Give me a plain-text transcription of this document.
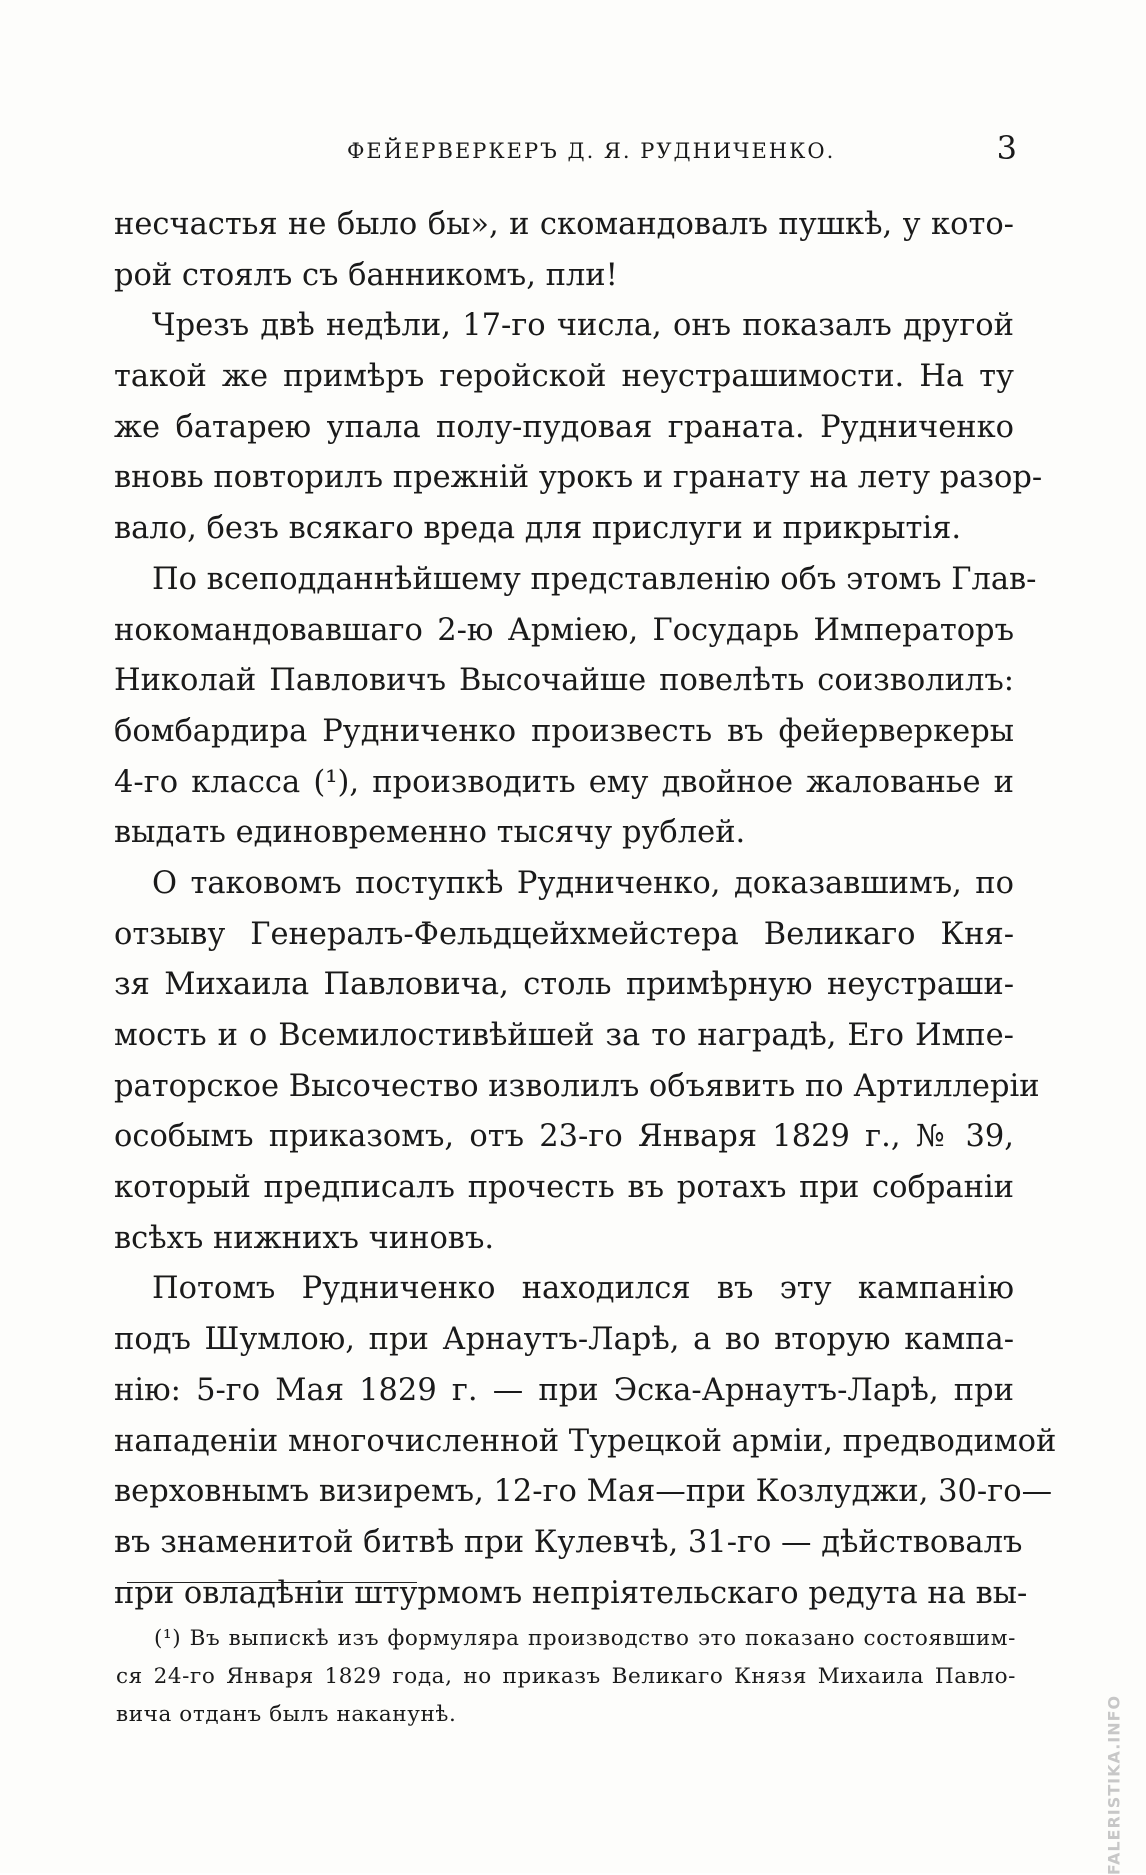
ФЕЙЕРВЕРКЕРЪ Д. Я. РУДНИЧЕНКО.	3
несчастья не было бы», и скомандовалъ пушкѣ, у кото-
рой стоялъ съ банникомъ, пли!
Чрезъ двѣ недѣли, 17-го числа, онъ показалъ другой
такой же примѣръ геройской неустрашимости. На ту
же батарею упала полу-пудовая граната. Рудниченко
вновь повторилъ прежній урокъ и гранату на лету разор-
вало, безъ всякаго вреда для прислуги и прикрытія.
По всеподданнѣйшему представленію объ этомъ Глав-
нокомандовавшаго 2-ю Арміею, Государь Императоръ
Николай Павловичъ Высочайше повелѣть соизволилъ:
бомбардира Рудниченко произвесть въ фейерверкеры
4-го класса (¹), производить ему двойное жалованье и
выдать единовременно тысячу рублей.
О таковомъ поступкѣ Рудниченко, доказавшимъ, по
отзыву Генералъ-Фельдцейхмейстера Великаго Кня-
зя Михаила Павловича, столь примѣрную неустраши-
мость и о Всемилостивѣйшей за то наградѣ, Его Импе-
раторское Высочество изволилъ объявить по Артиллеріи
особымъ приказомъ, отъ 23-го Января 1829 г., № 39,
который предписалъ прочесть въ ротахъ при собраніи
всѣхъ нижнихъ чиновъ.
Потомъ Рудниченко находился въ эту кампанію
подъ Шумлою, при Арнаутъ-Ларѣ, а во вторую кампа-
нію: 5-го Мая 1829 г. — при Эска-Арнаутъ-Ларѣ, при
нападеніи многочисленной Турецкой арміи, предводимой
верховнымъ визиремъ, 12-го Мая—при Козлуджи, 30-го—
въ знаменитой битвѣ при Кулевчѣ, 31-го — дѣйствовалъ
при овладѣніи штурмомъ непріятельскаго редута на вы-
(¹) Въ выпискѣ изъ формуляра производство это показано состоявшим-
ся 24-го Января 1829 года, но приказъ Великаго Князя Михаила Павло-
вича отданъ былъ наканунѣ.	FALERISTIKA.INFO
